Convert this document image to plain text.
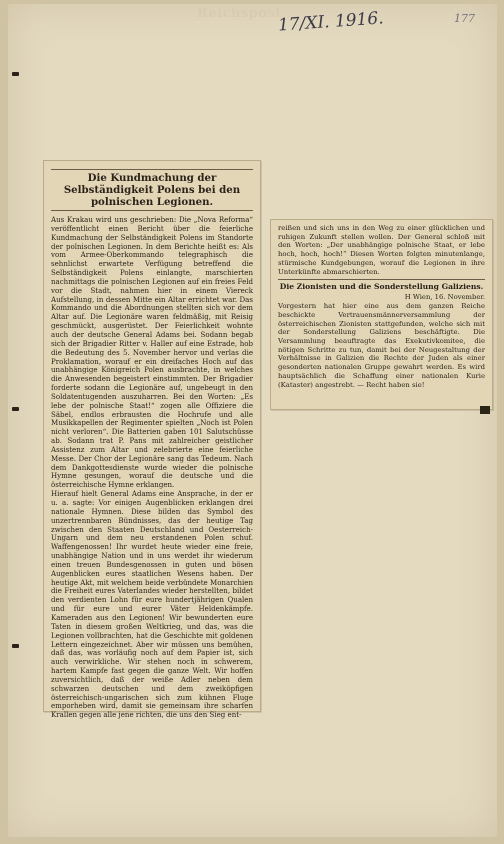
Reichspost
17/XI. 1916.	177
Die Kundmachung der Selbständigkeit Polens bei den polnischen Legionen.

Aus Krakau wird uns geschrieben: Die „Nova Reforma“ veröffentlicht einen Bericht über die feierliche Kundmachung der Selbständigkeit Polens im Standorte der polnischen Legionen. In dem Berichte heißt es: Als vom Armee-Oberkommando telegraphisch die sehnlichst erwartete Verfügung betreffend die Selbständigkeit Polens einlangte, marschierten nachmittags die polnischen Legionen auf ein freies Feld vor die Stadt, nahmen hier in einem Viereck Aufstellung, in dessen Mitte ein Altar errichtet war. Das Kommando und die Abordnungen stellten sich vor dem Altar auf. Die Legionäre waren feldmäßig, mit Reisig geschmückt, ausgerüstet. Der Feierlichkeit wohnte auch der deutsche General Adams bei. Sodann begab sich der Brigadier Ritter v. Haller auf eine Estrade, hob die Bedeutung des 5. November hervor und verlas die Proklamation, worauf er ein dreifaches Hoch auf das unabhängige Königreich Polen ausbrachte, in welches die Anwesenden begeistert einstimmten. Der Brigadier forderte sodann die Legionäre auf, ungebeugt in den Soldatentugenden auszuharren. Bei den Worten: „Es lebe der polnische Staat!“ zogen alle Offiziere die Säbel, endlos erbrausten die Hochrufe und alle Musikkapellen der Regimenter spielten „Noch ist Polen nicht verloren“. Die Batterien gaben 101 Salutschüsse ab. Sodann trat P. Pans mit zahlreicher geistlicher Assistenz zum Altar und zelebrierte eine feierliche Messe. Der Chor der Legionäre sang das Tedeum. Nach dem Dankgottesdienste wurde wieder die polnische Hymne gesungen, worauf die deutsche und die österreichische Hymne erklangen.
Hierauf hielt General Adams eine Ansprache, in der er u. a. sagte: Vor einigen Augenblicken erklangen drei nationale Hymnen. Diese bilden das Symbol des unzertrennbaren Bündnisses, das der heutige Tag zwischen den Staaten Deutschland und Oesterreich-Ungarn und dem neu erstandenen Polen schuf. Waffengenossen! Ihr wurdet heute wieder eine freie, unabhängige Nation und in uns werdet ihr wiederum einen treuen Bundesgenossen in guten und bösen Augenblicken eures staatlichen Wesens haben. Der heutige Akt, mit welchem beide verbündete Monarchien die Freiheit eures Vaterlandes wieder herstellten, bildet den verdienten Lohn für eure hundertjährigen Qualen und für eure und eurer Väter Heldenkämpfe. Kameraden aus den Legionen! Wir bewunderten eure Taten in diesem großen Weltkrieg, und das, was die Legionen vollbrachten, hat die Geschichte mit goldenen Lettern eingezeichnet. Aber wir müssen uns bemühen, daß das, was vorläufig noch auf dem Papier ist, sich auch verwirkliche. Wir stehen noch in schwerem, hartem Kampfe fast gegen die ganze Welt. Wir hoffen zuversichtlich, daß der weiße Adler neben dem schwarzen deutschen und dem zweiköpfigen österreichisch-ungarischen sich zum kühnen Fluge emporheben wird, damit sie gemeinsam ihre scharfen Krallen gegen alle jene richten, die uns den Sieg ent-

reißen und sich uns in den Weg zu einer glücklichen und ruhigen Zukunft stellen wollen. Der General schloß mit den Worten: „Der unabhängige polnische Staat, er lebe hoch, hoch, hoch!“ Diesen Worten folgten minutenlange, stürmische Kundgebungen, worauf die Legionen in ihre Unterkünfte abmarschierten.

Die Zionisten und die Sonderstellung Galiziens.
H Wien, 16. November.

Vorgestern hat hier eine aus dem ganzen Reiche beschickte Vertrauensmännerversammlung der österreichischen Zionisten stattgefunden, welche sich mit der Sonderstellung Galiziens beschäftigte. Die Versammlung beauftragte das Exekutivkomitee, die nötigen Schritte zu tun, damit bei der Neugestaltung der Verhältnisse in Galizien die Rechte der Juden als einer gesonderten nationalen Gruppe gewahrt werden. Es wird hauptsächlich die Schaffung einer nationalen Kurie (Kataster) angestrebt. — Recht haben sie!
